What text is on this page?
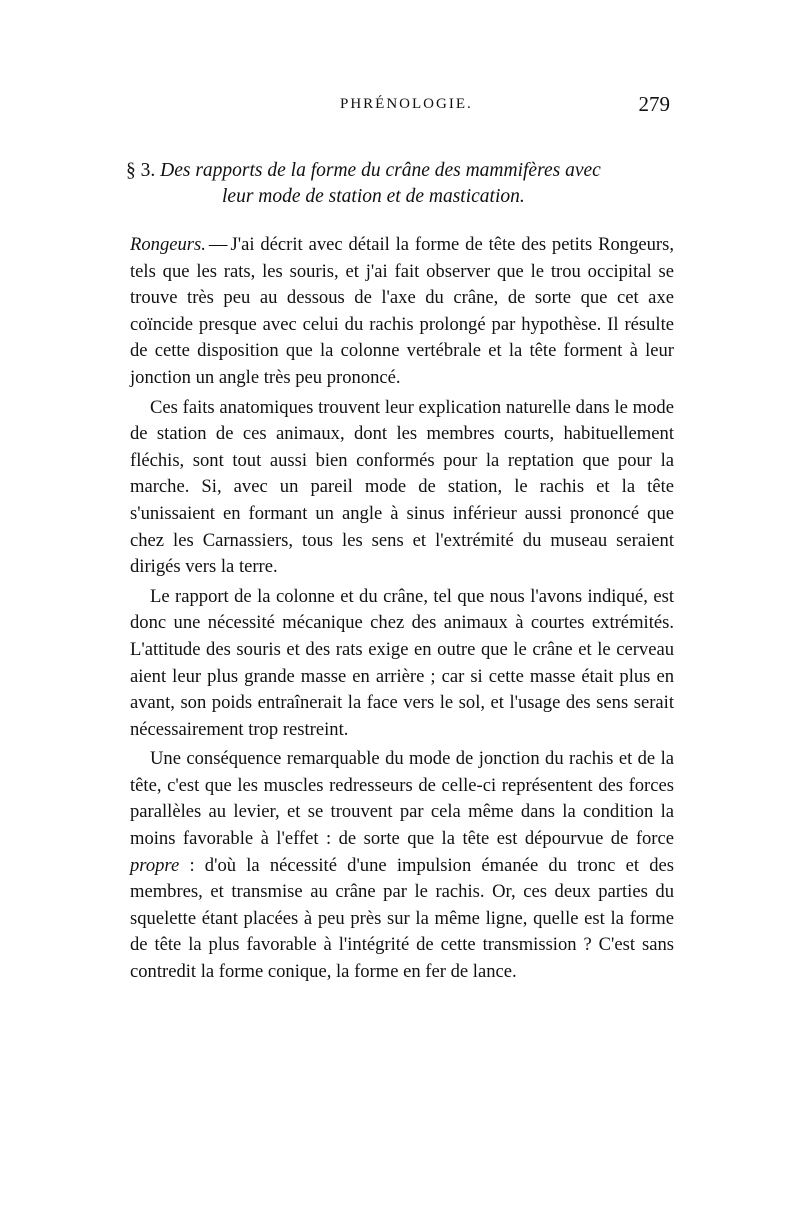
PHRÉNOLOGIE.	279
§ 3. Des rapports de la forme du crâne des mammifères avec
leur mode de station et de mastication.

Rongeurs. — J'ai décrit avec détail la forme de tête des petits Rongeurs, tels que les rats, les souris, et j'ai fait observer que le trou occipital se trouve très peu au dessous de l'axe du crâne, de sorte que cet axe coïncide presque avec celui du rachis prolongé par hypothèse. Il résulte de cette disposition que la colonne vertébrale et la tête forment à leur jonction un angle très peu prononcé.

Ces faits anatomiques trouvent leur explication naturelle dans le mode de station de ces animaux, dont les membres courts, habituellement fléchis, sont tout aussi bien conformés pour la reptation que pour la marche. Si, avec un pareil mode de station, le rachis et la tête s'unissaient en formant un angle à sinus inférieur aussi prononcé que chez les Carnassiers, tous les sens et l'extrémité du museau seraient dirigés vers la terre.

Le rapport de la colonne et du crâne, tel que nous l'avons indiqué, est donc une nécessité mécanique chez des animaux à courtes extrémités. L'attitude des souris et des rats exige en outre que le crâne et le cerveau aient leur plus grande masse en arrière ; car si cette masse était plus en avant, son poids entraînerait la face vers le sol, et l'usage des sens serait nécessairement trop restreint.

Une conséquence remarquable du mode de jonction du rachis et de la tête, c'est que les muscles redresseurs de celle-ci représentent des forces parallèles au levier, et se trouvent par cela même dans la condition la moins favorable à l'effet : de sorte que la tête est dépourvue de force propre : d'où la nécessité d'une impulsion émanée du tronc et des membres, et transmise au crâne par le rachis. Or, ces deux parties du squelette étant placées à peu près sur la même ligne, quelle est la forme de tête la plus favorable à l'intégrité de cette transmission ? C'est sans contredit la forme conique, la forme en fer de lance.
